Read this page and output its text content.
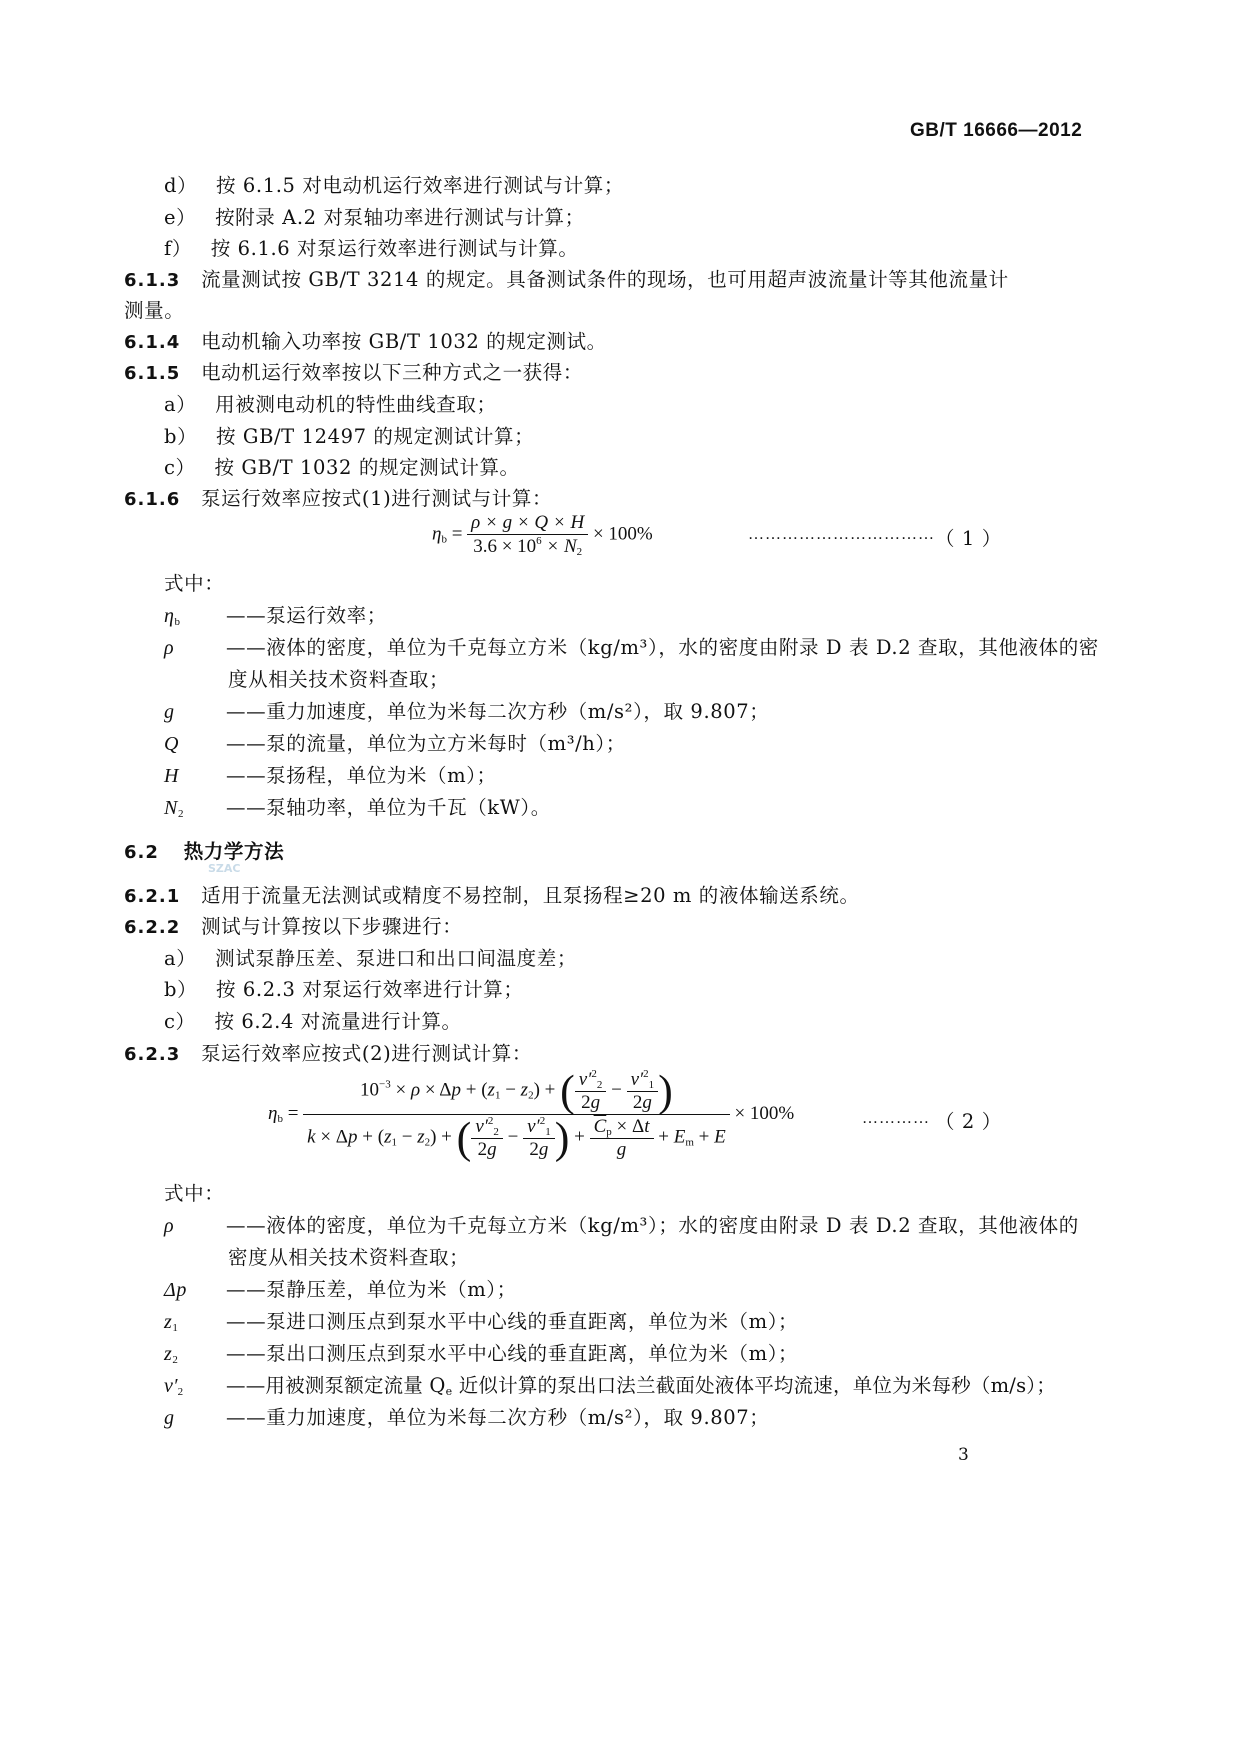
GB/T 16666—2012
d） 按 6.1.5 对电动机运行效率进行测试与计算；
e） 按附录 A.2 对泵轴功率进行测试与计算；
f） 按 6.1.6 对泵运行效率进行测试与计算。
6.1.3 流量测试按 GB/T 3214 的规定。具备测试条件的现场，也可用超声波流量计等其他流量计
测量。
6.1.4 电动机输入功率按 GB/T 1032 的规定测试。
6.1.5 电动机运行效率按以下三种方式之一获得：
a） 用被测电动机的特性曲线查取；
b） 按 GB/T 12497 的规定测试计算；
c） 按 GB/T 1032 的规定测试计算。
6.1.6 泵运行效率应按式(1)进行测试与计算：
$\eta_b = \frac{\rho \times g \times Q \times H}{3.6 \times 10^6 \times N_2} \times 100\%$	…………………………… （ 1 ）
式中：
$\eta_b$ ——泵运行效率；
ρ	——液体的密度，单位为千克每立方米（kg/m³），水的密度由附录 D 表 D.2 查取，其他液体的密
度从相关技术资料查取；
g	——重力加速度，单位为米每二次方秒（m/s²），取 9.807；
Q ——泵的流量，单位为立方米每时（m³/h）；
H ——泵扬程，单位为米（m）；
$N_2$ ——泵轴功率，单位为千瓦（kW）。
6.2 热力学方法
SZAC
6.2.1 适用于流量无法测试或精度不易控制，且泵扬程≥20 m 的液体输送系统。
6.2.2 测试与计算按以下步骤进行：
a） 测试泵静压差、泵进口和出口间温度差；
b） 按 6.2.3 对泵运行效率进行计算；
c） 按 6.2.4 对流量进行计算。
6.2.3 泵运行效率应按式(2)进行测试计算：
$\eta_b$ =
$10^{-3} \times \rho \times \Delta p + (z_1 - z_2)$ + ( $\frac{v'^2_2}{2g} - \frac{v'^2_1}{2g}$ )
$k \times \Delta p + (z_1 - z_2)$ + ( $\frac{v'^2_2}{2g} - \frac{v'^2_1}{2g}$ ) + $\frac{\overline{C}_p \times \Delta t}{g} + E_m + E$
× 100%	………… （ 2 ）
式中：
ρ	——液体的密度，单位为千克每立方米（kg/m³）；水的密度由附录 D 表 D.2 查取，其他液体的
密度从相关技术资料查取；
Δp ——泵静压差，单位为米（m）；
$z_1$ ——泵进口测压点到泵水平中心线的垂直距离，单位为米（m）；
$z_2$ ——泵出口测压点到泵水平中心线的垂直距离，单位为米（m）；
$v'_2$ ——用被测泵额定流量 $Q_e$ 近似计算的泵出口法兰截面处液体平均流速，单位为米每秒（m/s）；
g	——重力加速度，单位为米每二次方秒（m/s²），取 9.807；
3
